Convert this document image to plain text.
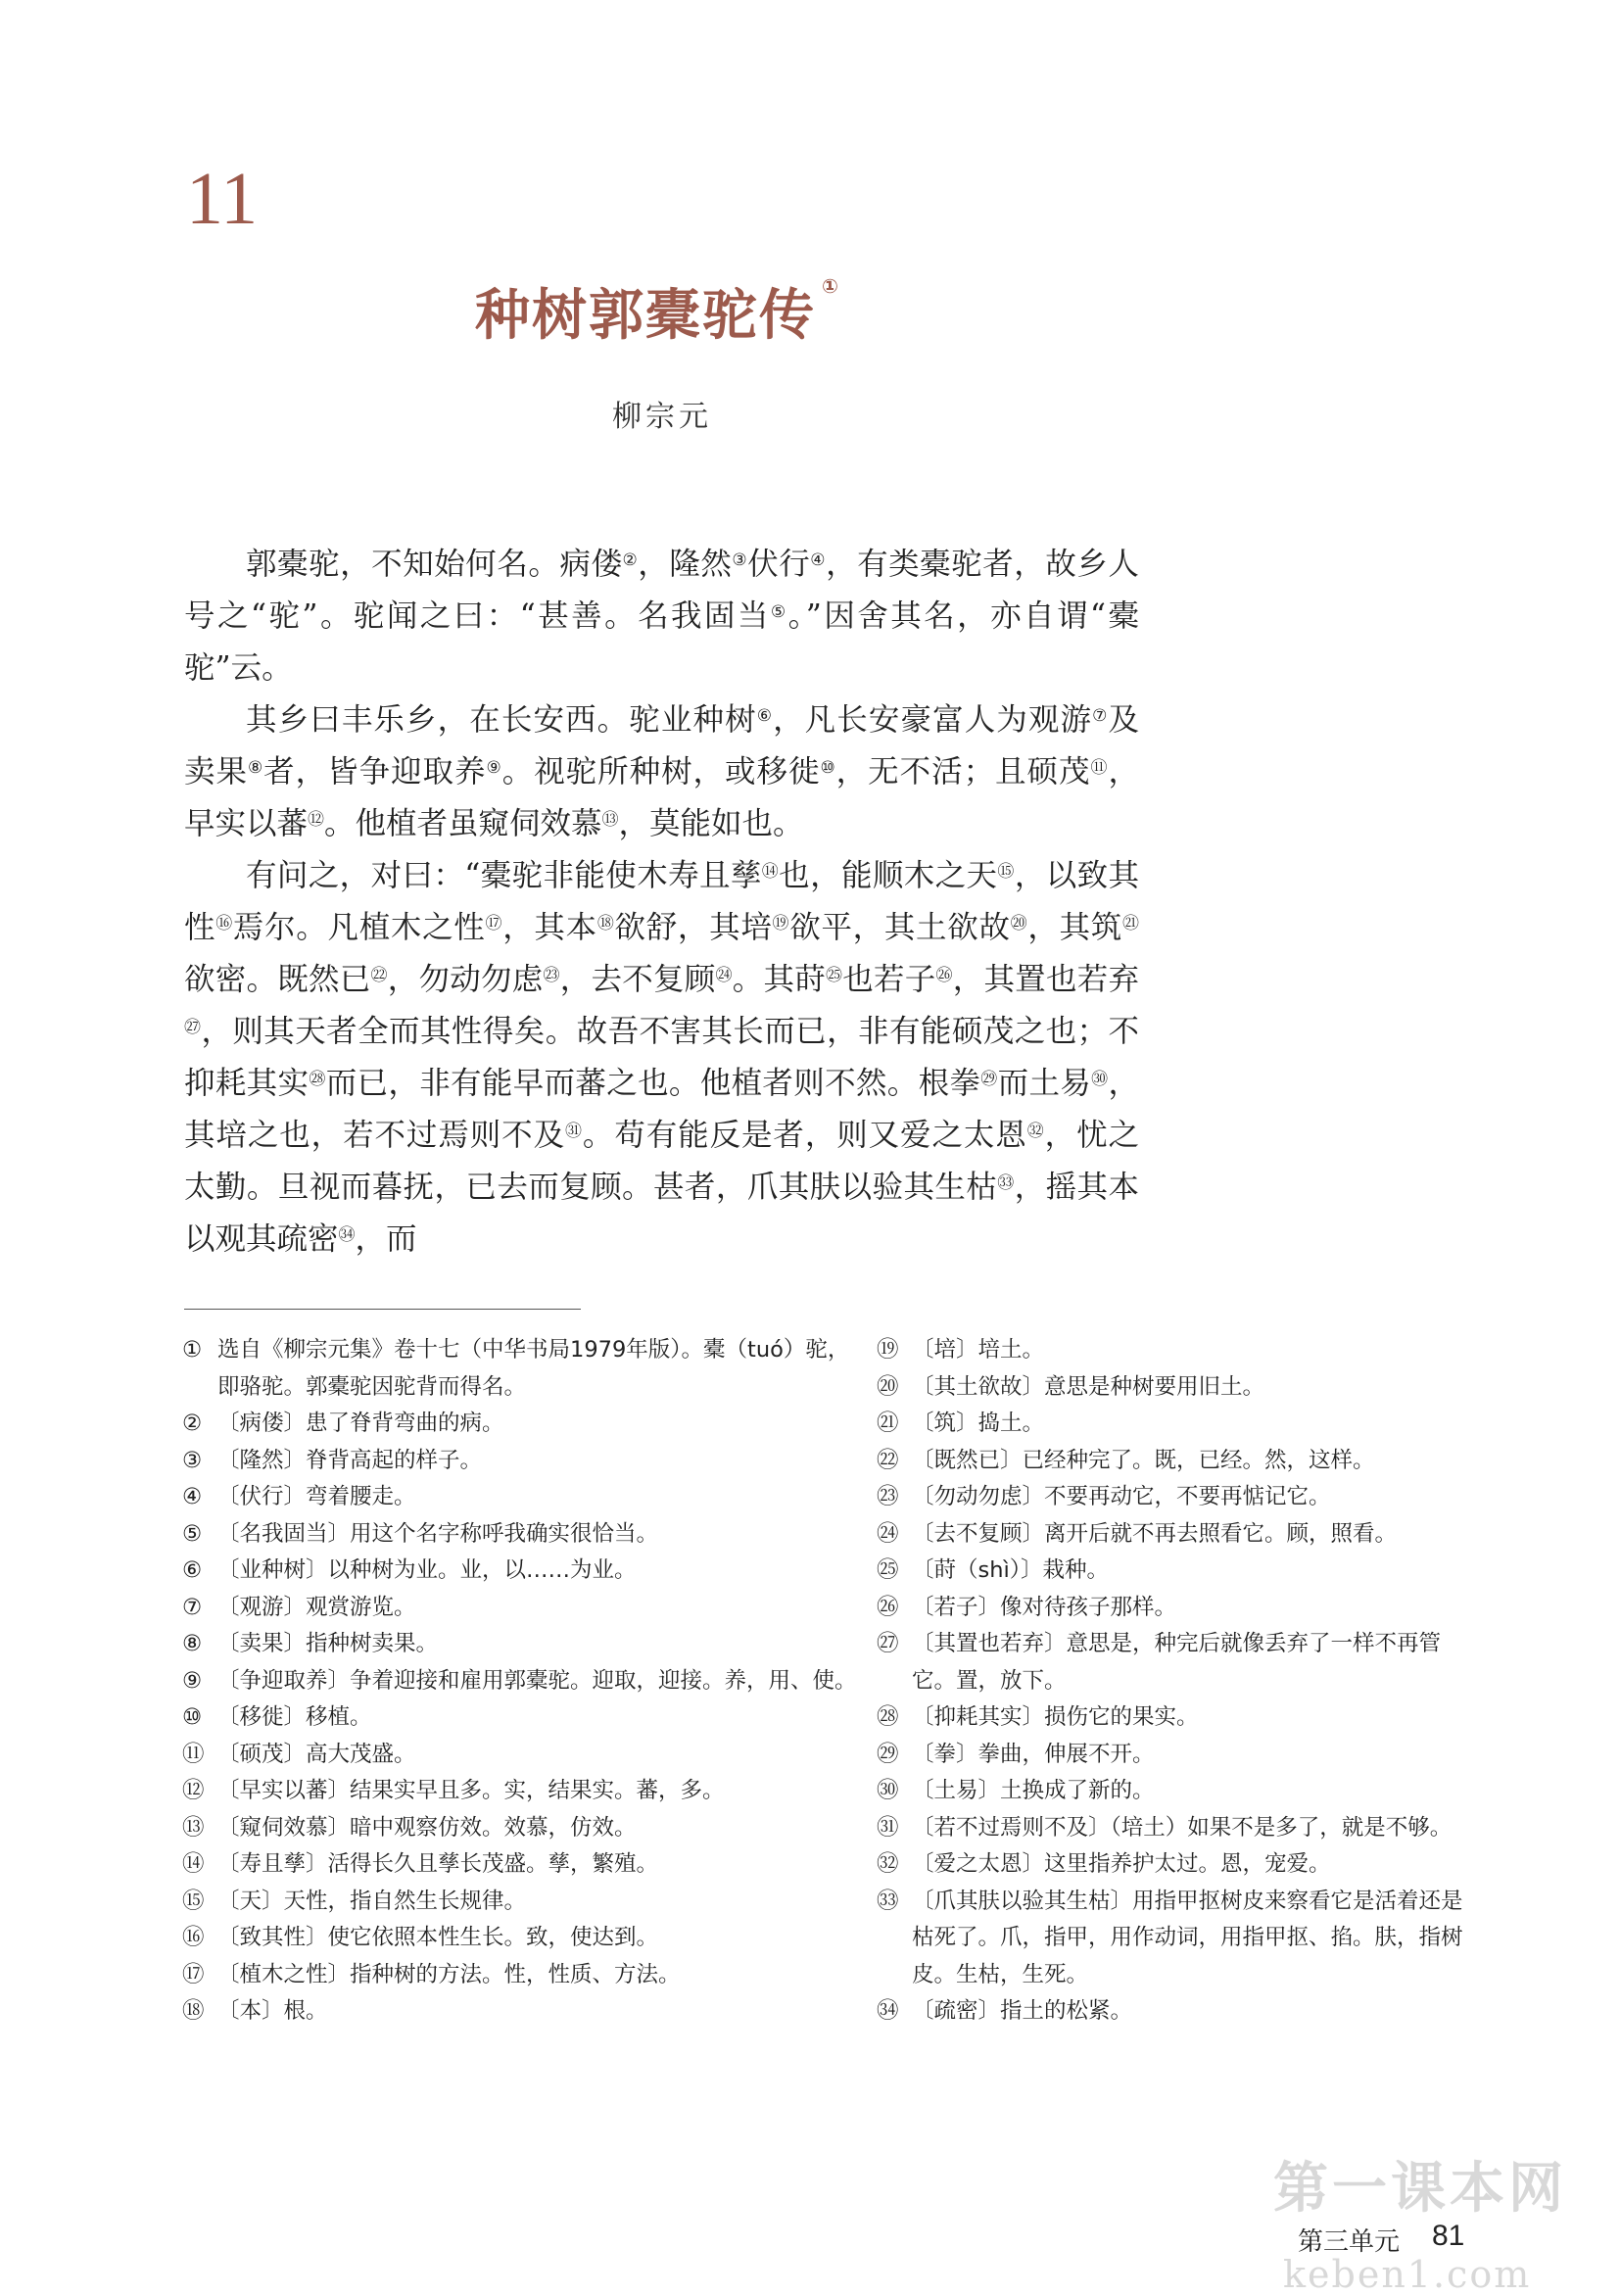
11
种树郭橐驼传 ①
柳宗元

郭橐驼，不知始何名。病偻②，隆然③伏行④，有类橐驼者，故乡人号之“驼”。驼闻之曰：“甚善。名我固当⑤。”因舍其名，亦自谓“橐驼”云。

其乡曰丰乐乡，在长安西。驼业种树⑥，凡长安豪富人为观游⑦及卖果⑧者，皆争迎取养⑨。视驼所种树，或移徙⑩，无不活；且硕茂⑪，早实以蕃⑫。他植者虽窥伺效慕⑬，莫能如也。

有问之，对曰：“橐驼非能使木寿且孳⑭也，能顺木之天⑮，以致其性⑯焉尔。凡植木之性⑰，其本⑱欲舒，其培⑲欲平，其土欲故⑳，其筑$^㉑$欲密。既然已$^㉒$，勿动勿虑$^㉓$，去不复顾$^㉔$。其莳$^㉕$也若子$^㉖$，其置也若弃$^㉗$，则其天者全而其性得矣。故吾不害其长而已，非有能硕茂之也；不抑耗其实$^㉘$而已，非有能早而蕃之也。他植者则不然。根拳$^㉙$而土易$^㉚$，其培之也，若不过焉则不及$^㉛$。苟有能反是者，则又爱之太恩$^㉜$，忧之太勤。旦视而暮抚，已去而复顾。甚者，爪其肤以验其生枯$^㉝$，摇其本以观其疏密$^㉞$，而

① 选自《柳宗元集》卷十七（中华书局1979年版）。橐（tuó）驼，即骆驼。郭橐驼因驼背而得名。
② 〔病偻〕患了脊背弯曲的病。
③ 〔隆然〕脊背高起的样子。
④ 〔伏行〕弯着腰走。
⑤ 〔名我固当〕用这个名字称呼我确实很恰当。
⑥ 〔业种树〕以种树为业。业，以……为业。
⑦ 〔观游〕观赏游览。
⑧ 〔卖果〕指种树卖果。
⑨ 〔争迎取养〕争着迎接和雇用郭橐驼。迎取，迎接。养，用、使。
⑩ 〔移徙〕移植。
⑪ 〔硕茂〕高大茂盛。
⑫ 〔早实以蕃〕结果实早且多。实，结果实。蕃，多。
⑬ 〔窥伺效慕〕暗中观察仿效。效慕，仿效。
⑭ 〔寿且孳〕活得长久且孳长茂盛。孳，繁殖。
⑮ 〔天〕天性，指自然生长规律。
⑯ 〔致其性〕使它依照本性生长。致，使达到。
⑰ 〔植木之性〕指种树的方法。性，性质、方法。
⑱ 〔本〕根。
⑲ 〔培〕培土。
⑳ 〔其土欲故〕意思是种树要用旧土。
㉑ 〔筑〕捣土。
㉒ 〔既然已〕已经种完了。既，已经。然，这样。
㉓ 〔勿动勿虑〕不要再动它，不要再惦记它。
㉔ 〔去不复顾〕离开后就不再去照看它。顾，照看。
㉕ 〔莳（shì）〕栽种。
㉖ 〔若子〕像对待孩子那样。
㉗ 〔其置也若弃〕意思是，种完后就像丢弃了一样不再管它。置，放下。
㉘ 〔抑耗其实〕损伤它的果实。
㉙ 〔拳〕拳曲，伸展不开。
㉚ 〔土易〕土换成了新的。
㉛ 〔若不过焉则不及〕（培土）如果不是多了，就是不够。
㉜ 〔爱之太恩〕这里指养护太过。恩，宠爱。
㉝ 〔爪其肤以验其生枯〕用指甲抠树皮来察看它是活着还是枯死了。爪，指甲，用作动词，用指甲抠、掐。肤，指树皮。生枯，生死。
㉞ 〔疏密〕指土的松紧。
第一课本网
keben1.com
第三单元	81
